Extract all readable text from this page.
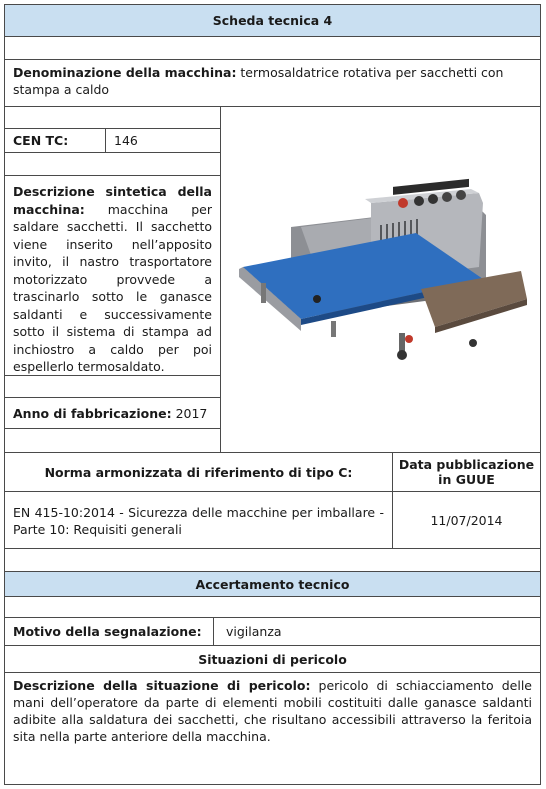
Scheda tecnica 4
Denominazione della macchina: termosaldatrice rotativa per sacchetti con stampa a caldo
CEN TC:	146
Descrizione sintetica della macchina: macchina per saldare sacchetti. Il sacchetto viene inserito nell’apposito invito, il nastro trasportatore motorizzato provvede a trascinarlo sotto le ganasce saldanti e successivamente sotto il sistema di stampa ad inchiostro a caldo per poi espellerlo termosaldato.
Anno di fabbricazione: 2017
Norma armonizzata di riferimento di tipo C:	Data pubblicazione in GUUE
EN 415-10:2014 - Sicurezza delle macchine per imballare - Parte 10: Requisiti generali
11/07/2014
Accertamento tecnico
Motivo della segnalazione: vigilanza
Situazioni di pericolo
Descrizione della situazione di pericolo: pericolo di schiacciamento delle mani dell’operatore da parte di elementi mobili costituiti dalle ganasce saldanti adibite alla saldatura dei sacchetti, che risultano accessibili attraverso la feritoia sita nella parte anteriore della macchina.
